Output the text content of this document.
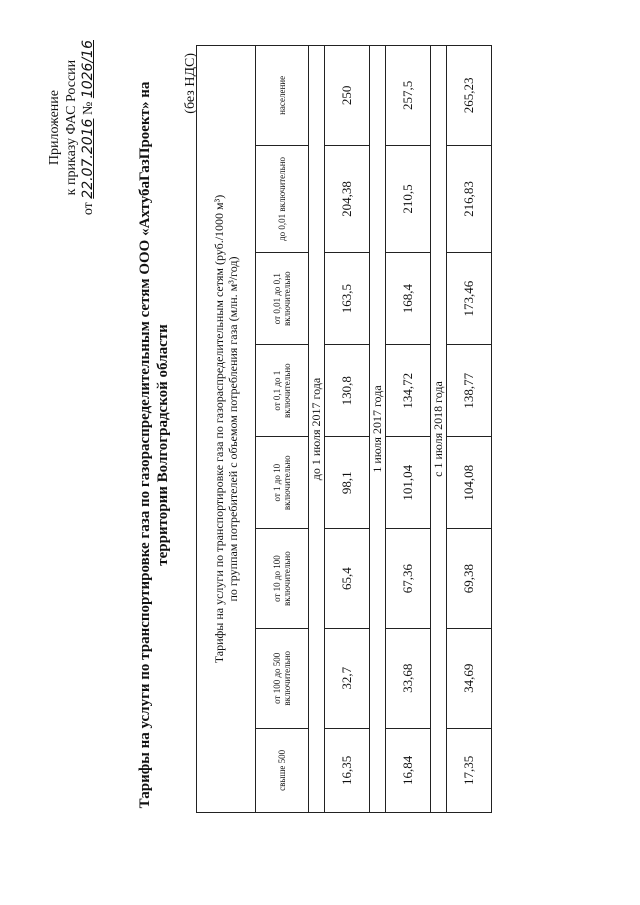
Приложение к приказу ФАС России
от 22.07.2016 № 1026/16
Тарифы на услуги по транспортировке газа по газораспределительным сетям ООО «АхтубаГазПроект» на территории Волгоградской области
(без НДС)
Тарифы на услуги по транспортировке газа по газораспределительным сетям (руб./1000 м³) по группам потребителей с объемом потребления газа (млн. м³/год)							

свыше 500	от 100 до 500 включительно	от 10 до 100 включительно	от 1 до 10 включительно	от 0,1 до 1 включительно	от 0,01 до 0,1 включительно	до 0,01 включительно	население
до 1 июля 2017 года							
16,35	32,7	65,4	98,1	130,8	163,5	204,38	250
1 июля 2017 года							
16,84	33,68	67,36	101,04	134,72	168,4	210,5	257,5
с 1 июля 2018 года							
17,35	34,69	69,38	104,08	138,77	173,46	216,83	265,23
